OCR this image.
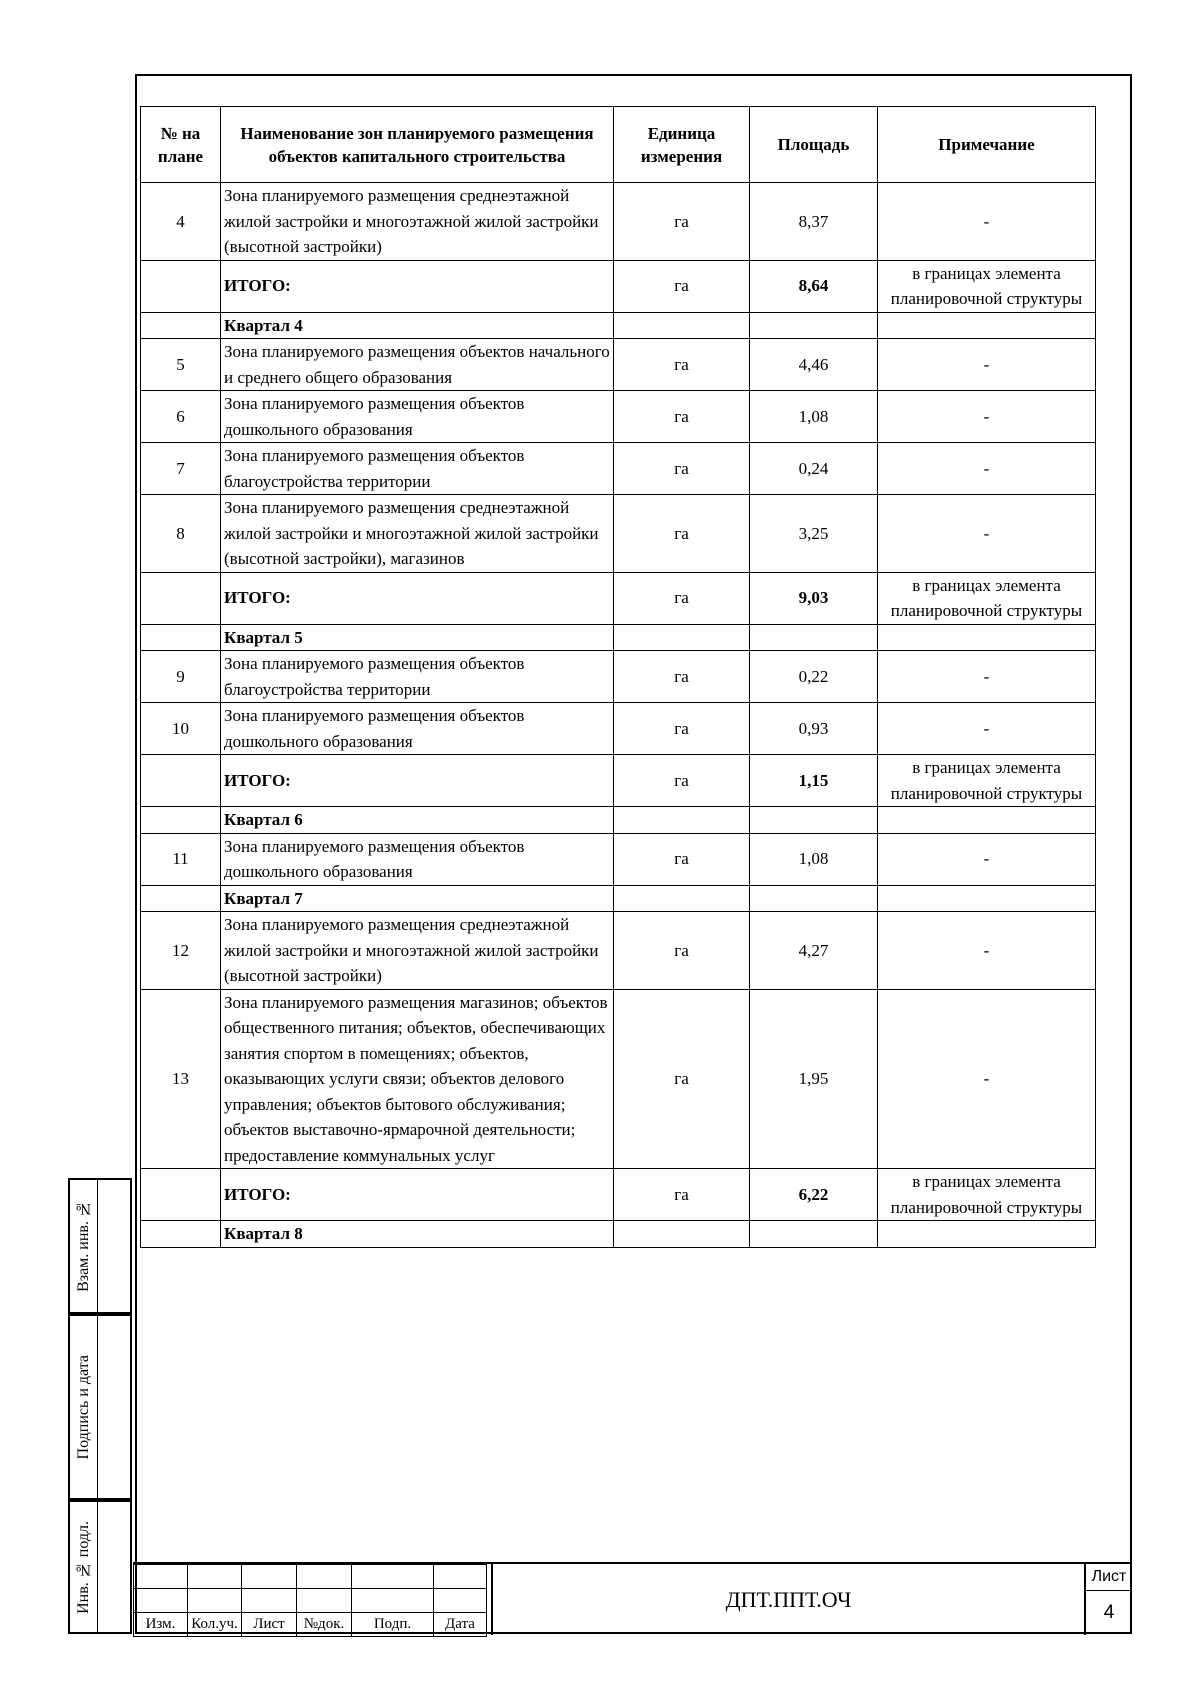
№ на плане	Наименование зон планируемого размещения объектов капитального строительства	Единица измерения	Площадь	Примечание
4	Зона планируемого размещения среднеэтажной жилой застройки и многоэтажной жилой застройки (высотной застройки)	га	8,37	-
	ИТОГО:	га	8,64	в границах элемента планировочной структуры
	Квартал 4			
5	Зона планируемого размещения объектов начального и среднего общего образования	га	4,46	-
6	Зона планируемого размещения объектов дошкольного образования	га	1,08	-
7	Зона планируемого размещения объектов благоустройства территории	га	0,24	-
8	Зона планируемого размещения среднеэтажной жилой застройки и многоэтажной жилой застройки (высотной застройки), магазинов	га	3,25	-
	ИТОГО:	га	9,03	в границах элемента планировочной структуры
	Квартал 5			
9	Зона планируемого размещения объектов благоустройства территории	га	0,22	-
10	Зона планируемого размещения объектов дошкольного образования	га	0,93	-
	ИТОГО:	га	1,15	в границах элемента планировочной структуры
	Квартал 6			
11	Зона планируемого размещения объектов дошкольного образования	га	1,08	-
	Квартал 7			
12	Зона планируемого размещения среднеэтажной жилой застройки и многоэтажной жилой застройки (высотной застройки)	га	4,27	-
13	Зона планируемого размещения магазинов; объектов общественного питания; объектов, обеспечивающих занятия спортом в помещениях; объектов, оказывающих услуги связи; объектов делового управления; объектов бытового обслуживания; объектов выставочно-ярмарочной деятельности; предоставление коммунальных услуг	га	1,95	-
	ИТОГО:	га	6,22	в границах элемента планировочной структуры
	Квартал 8			
Взам. инв. №
Подпись и дата
Инв. № подл.

Изм.	Кол.уч.	Лист	№док.	Подп.	Дата
ДПТ.ППТ.ОЧ
Лист
4
